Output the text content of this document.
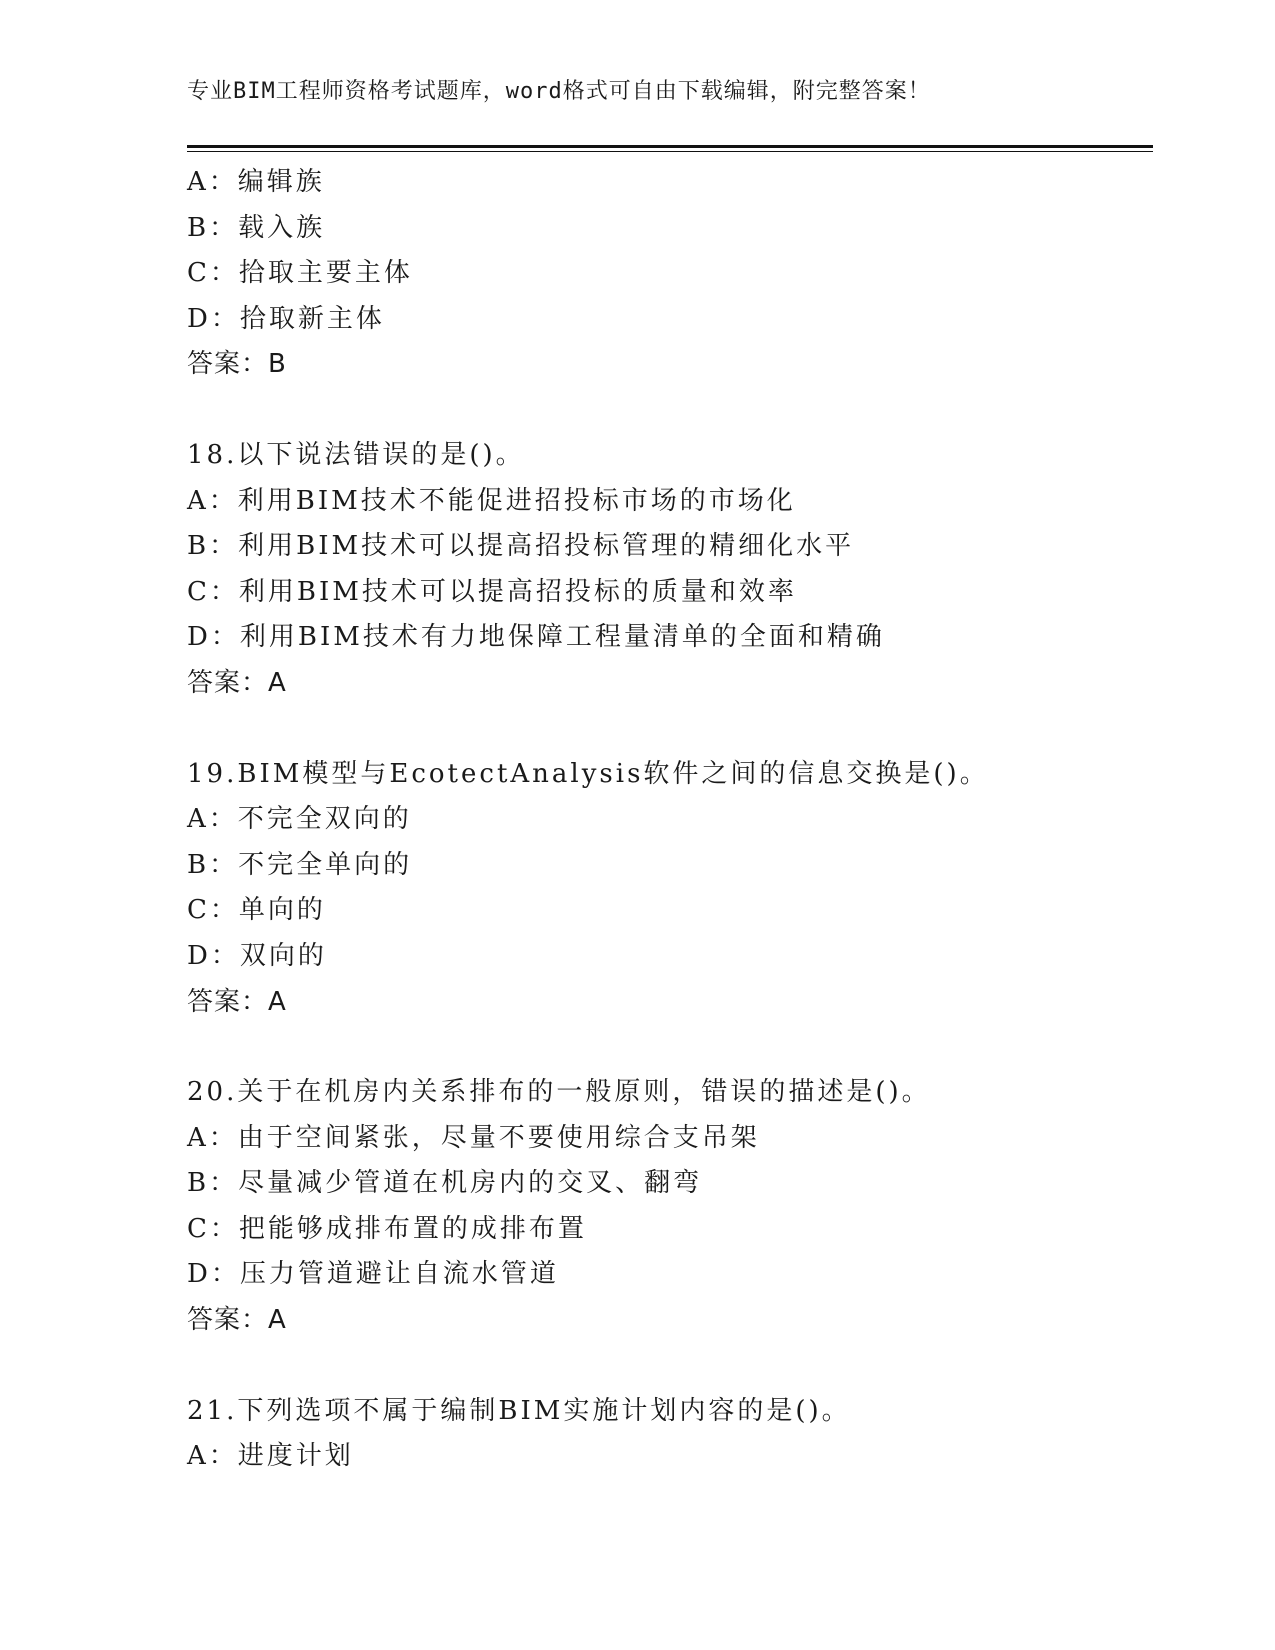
专业BIM工程师资格考试题库，word格式可自由下载编辑，附完整答案！
A：编辑族
B：载入族
C：拾取主要主体
D：拾取新主体
答案：B
18.以下说法错误的是()。
A：利用BIM技术不能促进招投标市场的市场化
B：利用BIM技术可以提高招投标管理的精细化水平
C：利用BIM技术可以提高招投标的质量和效率
D：利用BIM技术有力地保障工程量清单的全面和精确
答案：A
19.BIM模型与EcotectAnalysis软件之间的信息交换是()。
A：不完全双向的
B：不完全单向的
C：单向的
D：双向的
答案：A
20.关于在机房内关系排布的一般原则，错误的描述是()。
A：由于空间紧张，尽量不要使用综合支吊架
B：尽量减少管道在机房内的交叉、翻弯
C：把能够成排布置的成排布置
D：压力管道避让自流水管道
答案：A
21.下列选项不属于编制BIM实施计划内容的是()。
A：进度计划
